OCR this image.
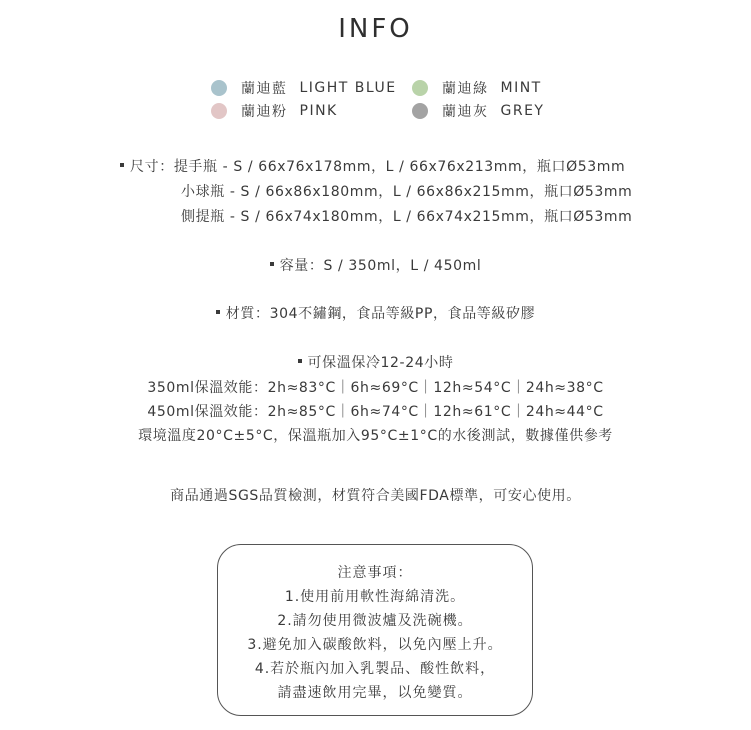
INFO
蘭迪藍 LIGHT BLUE	蘭迪綠 MINT
蘭迪粉 PINK	蘭迪灰 GREY
尺寸：提手瓶 - S / 66x76x178mm，L / 66x76x213mm，瓶口Ø53mm
小球瓶 - S / 66x86x180mm，L / 66x86x215mm，瓶口Ø53mm
側提瓶 - S / 66x74x180mm，L / 66x74x215mm，瓶口Ø53mm
容量：S / 350ml，L / 450ml
材質：304不鏽鋼，食品等級PP，食品等級矽膠
可保溫保冷12-24小時
350ml保溫效能：2h≈83°C｜6h≈69°C｜12h≈54°C｜24h≈38°C
450ml保溫效能：2h≈85°C｜6h≈74°C｜12h≈61°C｜24h≈44°C
環境溫度20°C±5°C，保溫瓶加入95°C±1°C的水後測試，數據僅供參考
商品通過SGS品質檢測，材質符合美國FDA標準，可安心使用。
注意事項：
1.使用前用軟性海綿清洗。
2.請勿使用微波爐及洗碗機。
3.避免加入碳酸飲料，以免內壓上升。
4.若於瓶內加入乳製品、酸性飲料，
請盡速飲用完畢，以免變質。
